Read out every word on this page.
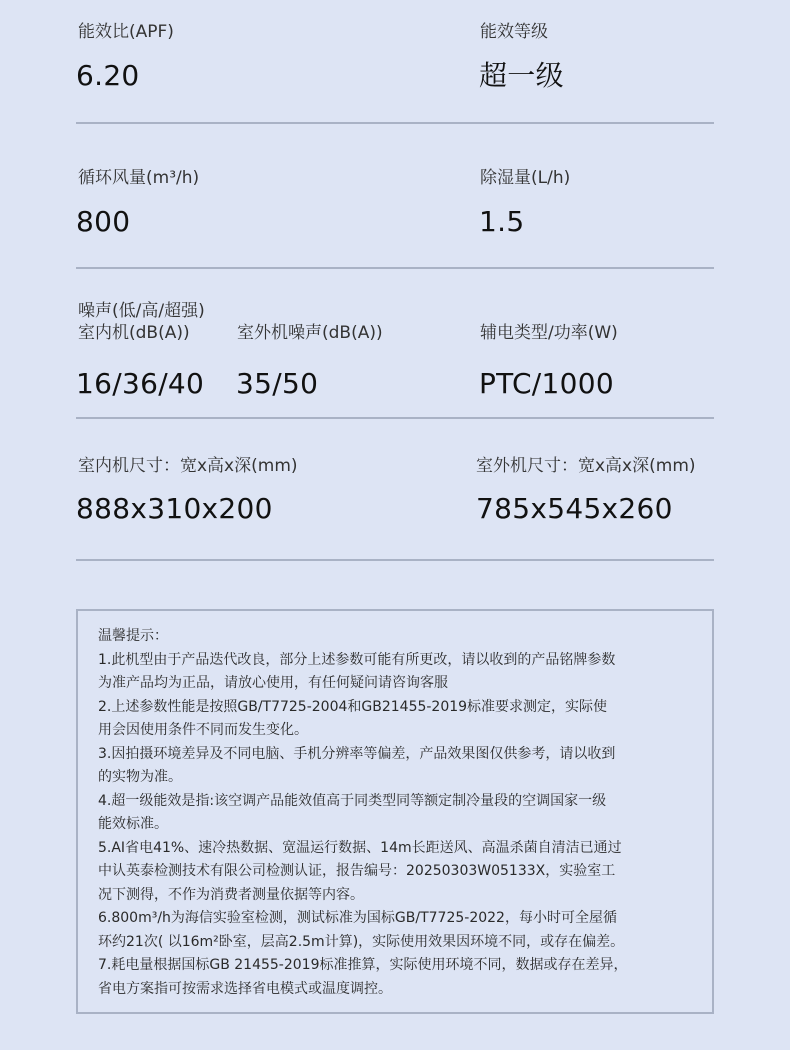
能效比(APF)
6.20
能效等级
超一级
循环风量(m³/h)
800
除湿量(L/h)
1.5
噪声(低/高/超强)
室内机(dB(A))
16/36/40
室外机噪声(dB(A))
35/50
辅电类型/功率(W)
PTC/1000
室内机尺寸：宽x高x深(mm)
888x310x200
室外机尺寸：宽x高x深(mm)
785x545x260
温馨提示：
1.此机型由于产品迭代改良，部分上述参数可能有所更改，请以收到的产品铭牌参数
为准产品均为正品，请放心使用，有任何疑问请咨询客服
2.上述参数性能是按照GB/T7725-2004和GB21455-2019标准要求测定，实际使
用会因使用条件不同而发生变化。
3.因拍摄环境差异及不同电脑、手机分辨率等偏差，产品效果图仅供参考，请以收到
的实物为准。
4.超一级能效是指:该空调产品能效值高于同类型同等额定制冷量段的空调国家一级
能效标准。
5.AI省电41%、速冷热数据、宽温运行数据、14m长距送风、高温杀菌自清洁已通过
中认英泰检测技术有限公司检测认证，报告编号：20250303W05133X，实验室工
况下测得，不作为消费者测量依据等内容。
6.800m³/h为海信实验室检测，测试标准为国标GB/T7725-2022，每小时可全屋循
环约21次( 以16m²卧室，层高2.5m计算)，实际使用效果因环境不同，或存在偏差。
7.耗电量根据国标GB 21455-2019标准推算，实际使用环境不同，数据或存在差异，
省电方案指可按需求选择省电模式或温度调控。
